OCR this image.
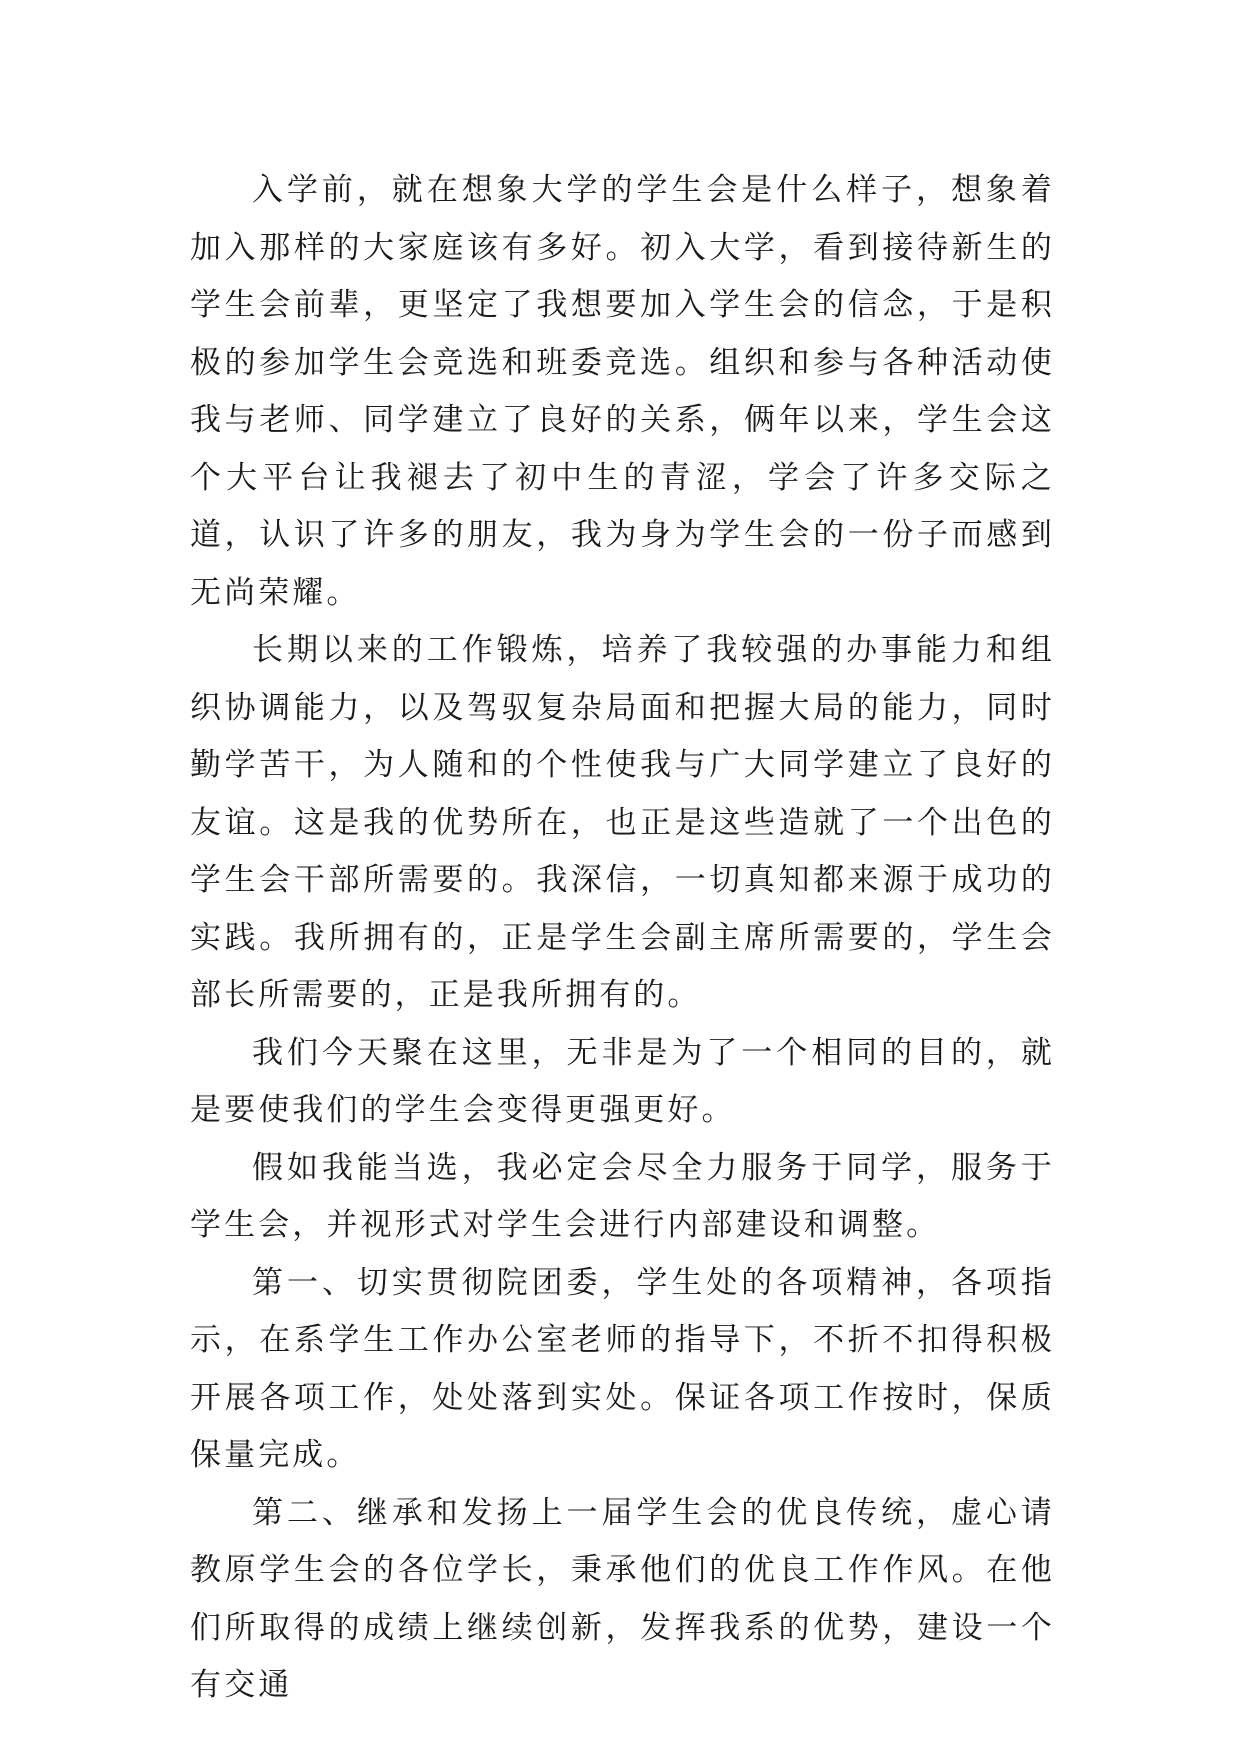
入学前，就在想象大学的学生会是什么样子，想象着加入那样的大家庭该有多好。初入大学，看到接待新生的学生会前辈，更坚定了我想要加入学生会的信念，于是积极的参加学生会竞选和班委竞选。组织和参与各种活动使我与老师、同学建立了良好的关系，俩年以来，学生会这个大平台让我褪去了初中生的青涩，学会了许多交际之道，认识了许多的朋友，我为身为学生会的一份子而感到无尚荣耀。

长期以来的工作锻炼，培养了我较强的办事能力和组织协调能力，以及驾驭复杂局面和把握大局的能力，同时勤学苦干，为人随和的个性使我与广大同学建立了良好的友谊。这是我的优势所在，也正是这些造就了一个出色的学生会干部所需要的。我深信，一切真知都来源于成功的实践。我所拥有的，正是学生会副主席所需要的，学生会部长所需要的，正是我所拥有的。

我们今天聚在这里，无非是为了一个相同的目的，就是要使我们的学生会变得更强更好。

假如我能当选，我必定会尽全力服务于同学，服务于学生会，并视形式对学生会进行内部建设和调整。

第一、切实贯彻院团委，学生处的各项精神，各项指示，在系学生工作办公室老师的指导下，不折不扣得积极开展各项工作，处处落到实处。保证各项工作按时，保质保量完成。

第二、继承和发扬上一届学生会的优良传统，虚心请教原学生会的各位学长，秉承他们的优良工作作风。在他们所取得的成绩上继续创新，发挥我系的优势，建设一个有交通
